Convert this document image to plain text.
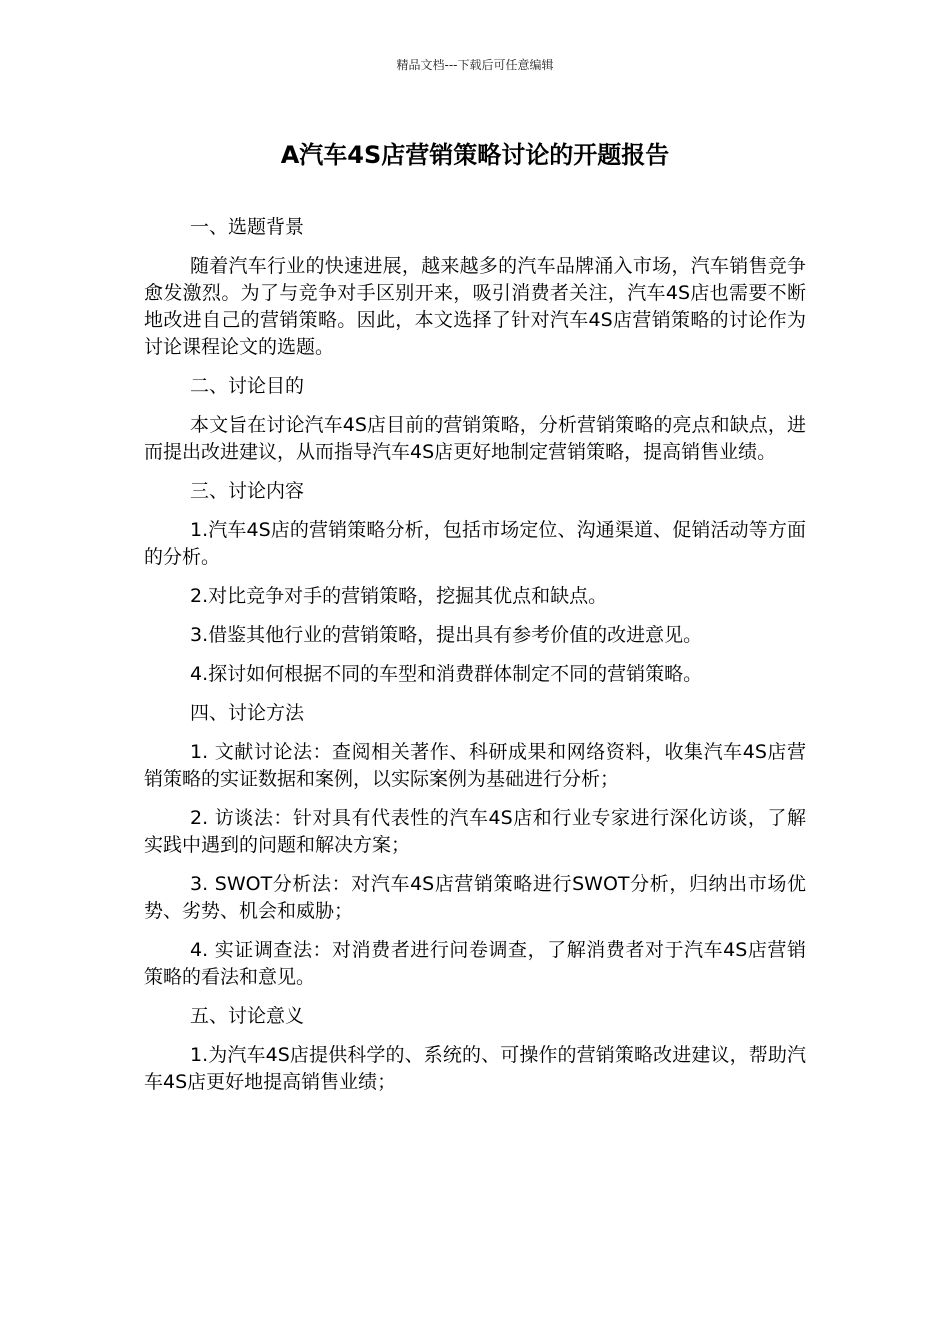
精品文档---下载后可任意编辑
A汽车4S店营销策略讨论的开题报告

一、选题背景

随着汽车行业的快速进展，越来越多的汽车品牌涌入市场，汽车销售竞争愈发激烈。为了与竞争对手区别开来，吸引消费者关注，汽车4S店也需要不断地改进自己的营销策略。因此，本文选择了针对汽车4S店营销策略的讨论作为讨论课程论文的选题。

二、讨论目的

本文旨在讨论汽车4S店目前的营销策略，分析营销策略的亮点和缺点，进而提出改进建议，从而指导汽车4S店更好地制定营销策略，提高销售业绩。

三、讨论内容

1.汽车4S店的营销策略分析，包括市场定位、沟通渠道、促销活动等方面的分析。

2.对比竞争对手的营销策略，挖掘其优点和缺点。

3.借鉴其他行业的营销策略，提出具有参考价值的改进意见。

4.探讨如何根据不同的车型和消费群体制定不同的营销策略。

四、讨论方法

1. 文献讨论法：查阅相关著作、科研成果和网络资料，收集汽车4S店营销策略的实证数据和案例，以实际案例为基础进行分析；

2. 访谈法：针对具有代表性的汽车4S店和行业专家进行深化访谈，了解实践中遇到的问题和解决方案；

3. SWOT分析法：对汽车4S店营销策略进行SWOT分析，归纳出市场优势、劣势、机会和威胁；

4. 实证调查法：对消费者进行问卷调查，了解消费者对于汽车4S店营销策略的看法和意见。

五、讨论意义

1.为汽车4S店提供科学的、系统的、可操作的营销策略改进建议，帮助汽车4S店更好地提高销售业绩；
